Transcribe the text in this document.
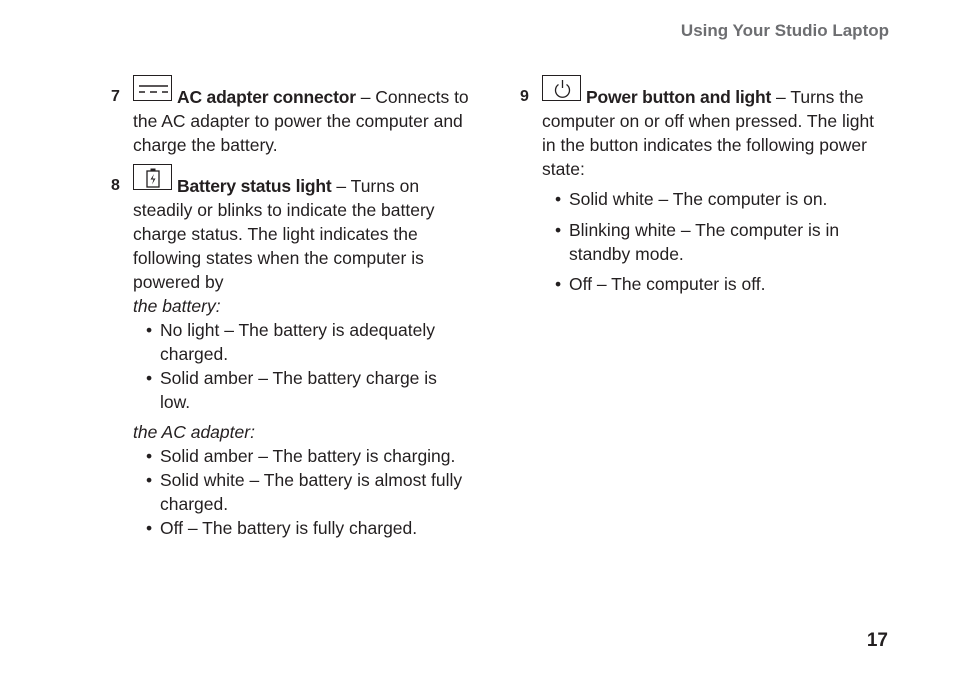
Using Your Studio Laptop
7	AC adapter connector – Connects to
the AC adapter to power the computer and
charge the battery.
8	Battery status light – Turns on
steadily or blinks to indicate the battery
charge status. The light indicates the
following states when the computer is
powered by

the battery:

• No light – The battery is adequately
charged.
• Solid amber – The battery charge is
low.

the AC adapter:

• Solid amber – The battery is charging.
• Solid white – The battery is almost fully
charged.
• Off – The battery is fully charged.
9	Power button and light – Turns the
computer on or off when pressed. The light
in the button indicates the following power
state:
• Solid white – The computer is on.
• Blinking white – The computer is in
standby mode.
• Off – The computer is off.
17
